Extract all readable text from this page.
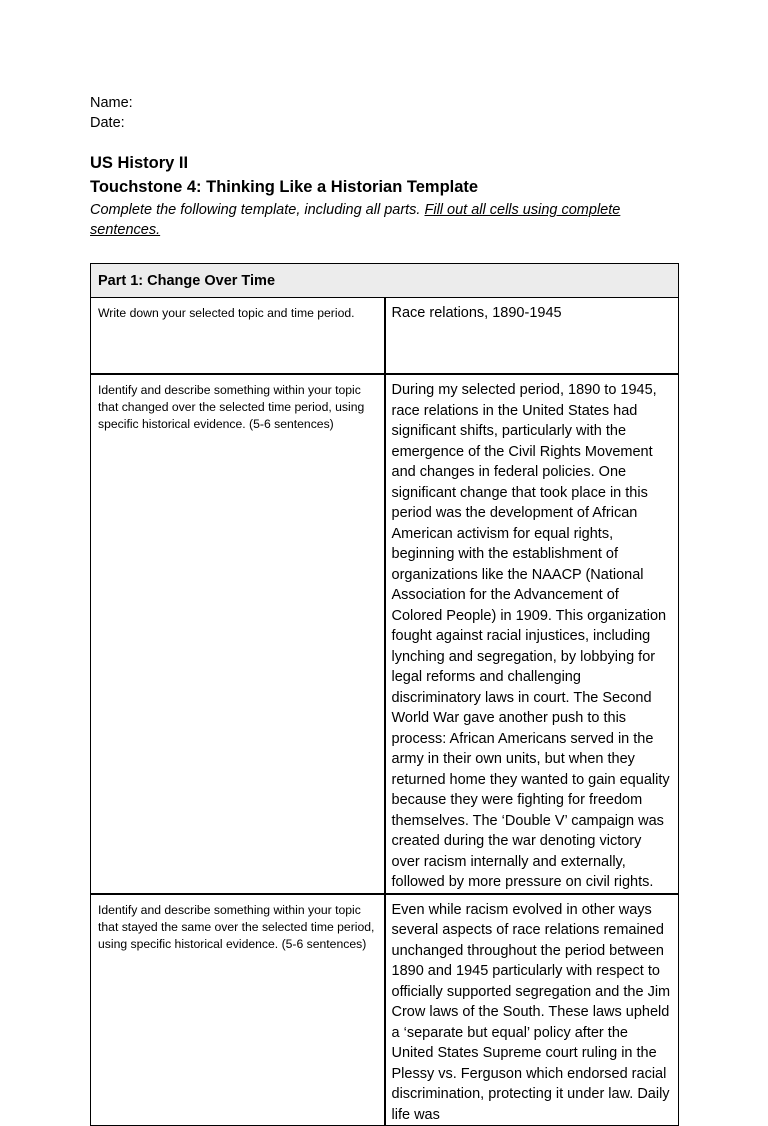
Name:
Date:
US History II
Touchstone 4: Thinking Like a Historian Template
Complete the following template, including all parts. Fill out all cells using complete sentences.
Part 1: Change Over Time	
Write down your selected topic and time period.	Race relations, 1890-1945
Identify and describe something within your topic that changed over the selected time period, using specific historical evidence. (5-6 sentences)	During my selected period, 1890 to 1945, race relations in the United States had significant shifts, particularly with the emergence of the Civil Rights Movement and changes in federal policies. One significant change that took place in this period was the development of African American activism for equal rights, beginning with the establishment of organizations like the NAACP (National Association for the Advancement of Colored People) in 1909. This organization fought against racial injustices, including lynching and segregation, by lobbying for legal reforms and challenging discriminatory laws in court. The Second World War gave another push to this process: African Americans served in the army in their own units, but when they returned home they wanted to gain equality because they were fighting for freedom themselves. The ‘Double V’ campaign was created during the war denoting victory over racism internally and externally, followed by more pressure on civil rights.
Identify and describe something within your topic that stayed the same over the selected time period, using specific historical evidence. (5-6 sentences)	Even while racism evolved in other ways several aspects of race relations remained unchanged throughout the period between 1890 and 1945 particularly with respect to officially supported segregation and the Jim Crow laws of the South. These laws upheld a ‘separate but equal’ policy after the United States Supreme court ruling in the Plessy vs. Ferguson which endorsed racial discrimination, protecting it under law. Daily life was
